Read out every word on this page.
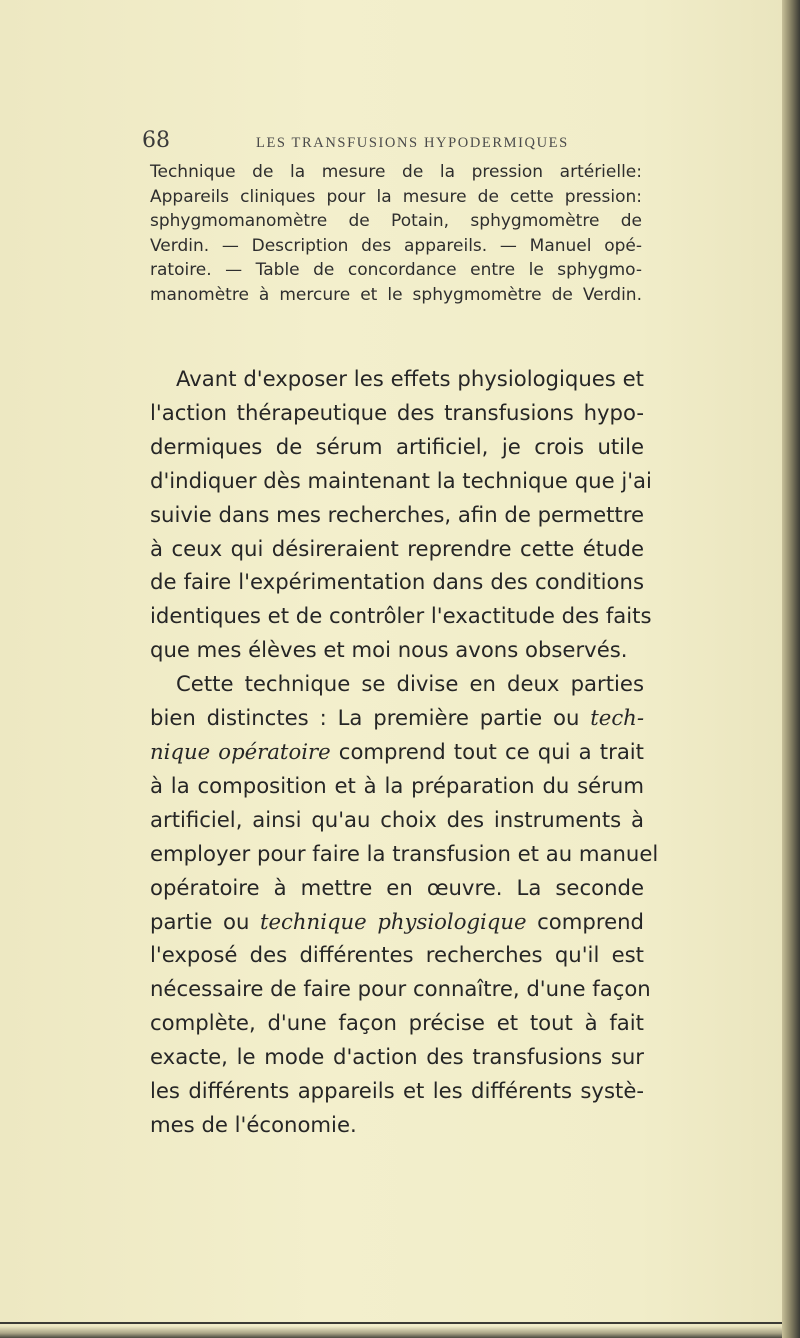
68	LES TRANSFUSIONS HYPODERMIQUES
Technique de la mesure de la pression artérielle:
Appareils cliniques pour la mesure de cette pression:
sphygmomanomètre de Potain, sphygmomètre de
Verdin. — Description des appareils. — Manuel opé-
ratoire. — Table de concordance entre le sphygmo-
manomètre à mercure et le sphygmomètre de Verdin.
Avant d'exposer les effets physiologiques et
l'action thérapeutique des transfusions hypo-
dermiques de sérum artificiel, je crois utile
d'indiquer dès maintenant la technique que j'ai
suivie dans mes recherches, afin de permettre
à ceux qui désireraient reprendre cette étude
de faire l'expérimentation dans des conditions
identiques et de contrôler l'exactitude des faits
que mes élèves et moi nous avons observés.
Cette technique se divise en deux parties
bien distinctes : La première partie ou tech-
nique opératoire comprend tout ce qui a trait
à la composition et à la préparation du sérum
artificiel, ainsi qu'au choix des instruments à
employer pour faire la transfusion et au manuel
opératoire à mettre en œuvre. La seconde
partie ou technique physiologique comprend
l'exposé des différentes recherches qu'il est
nécessaire de faire pour connaître, d'une façon
complète, d'une façon précise et tout à fait
exacte, le mode d'action des transfusions sur
les différents appareils et les différents systè-
mes de l'économie.
